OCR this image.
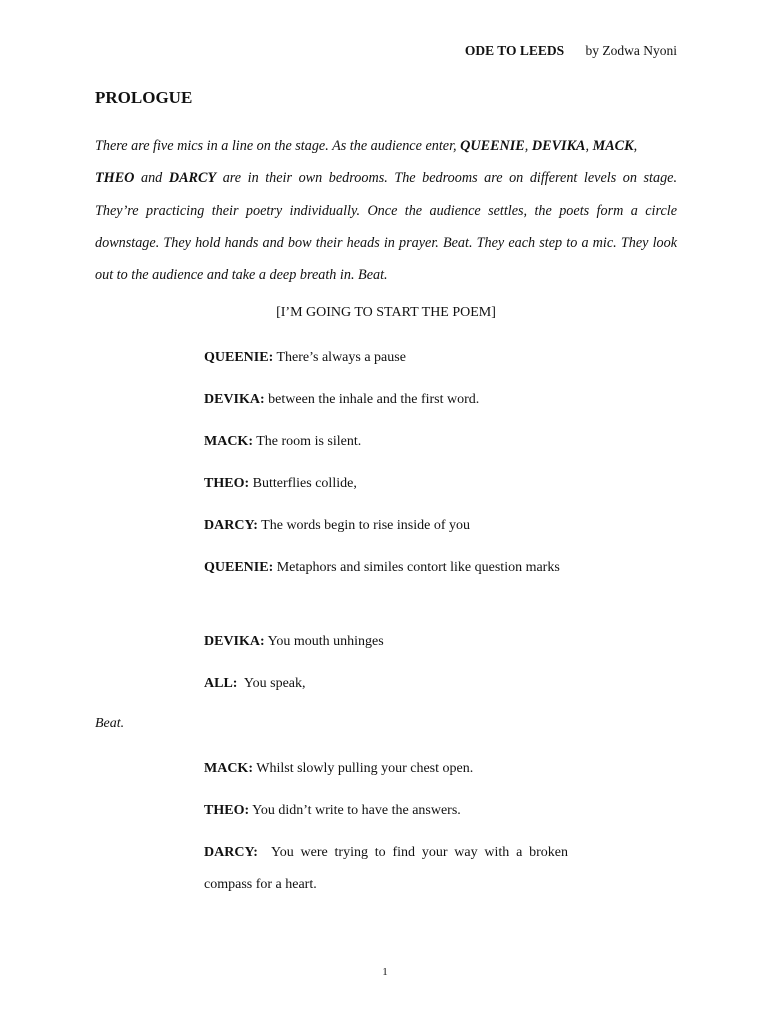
ODE TO LEEDS by Zodwa Nyoni
PROLOGUE
There are five mics in a line on the stage. As the audience enter, QUEENIE, DEVIKA, MACK,
THEO and DARCY are in their own bedrooms. The bedrooms are on different levels on stage. They’re practicing their poetry individually. Once the audience settles, the poets form a circle downstage. They hold hands and bow their heads in prayer. Beat. They each step to a mic. They look out to the audience and take a deep breath in. Beat.
[I’M GOING TO START THE POEM]
QUEENIE: There’s always a pause
DEVIKA: between the inhale and the first word.
MACK: The room is silent.
THEO: Butterflies collide,
DARCY: The words begin to rise inside of you
QUEENIE: Metaphors and similes contort like question marks
DEVIKA: You mouth unhinges
ALL:  You speak,
Beat.
MACK: Whilst slowly pulling your chest open.
THEO: You didn’t write to have the answers.
DARCY:  You were trying to find your way with a broken compass for a heart.
1
